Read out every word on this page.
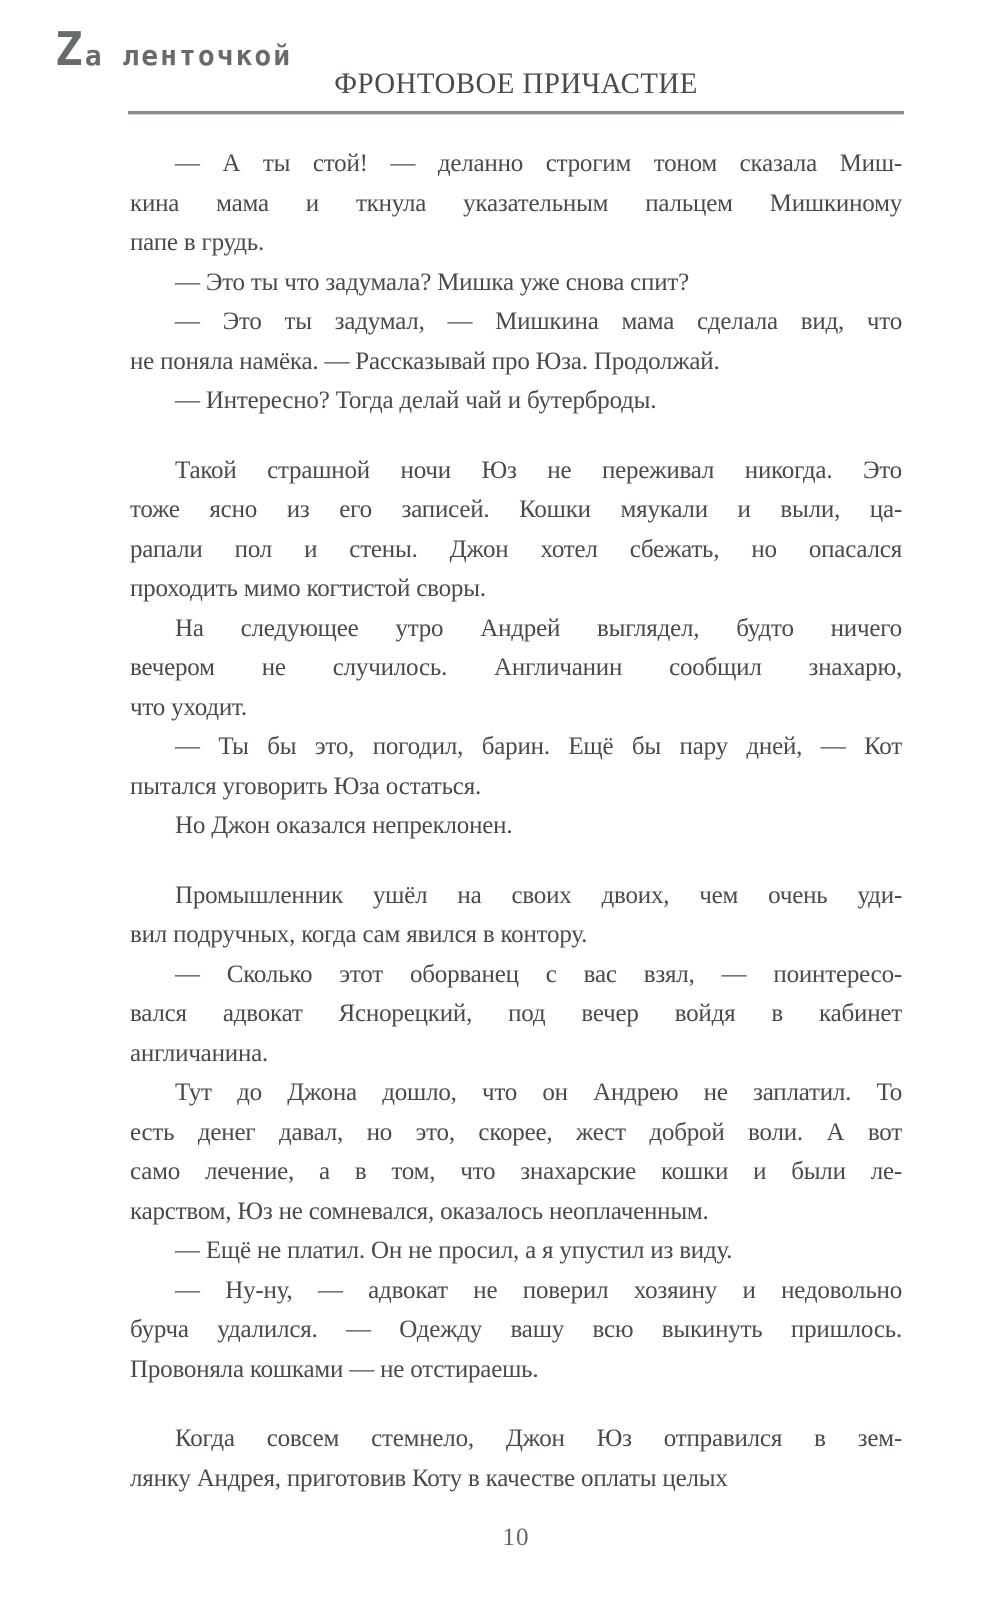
Zа ленточкой
ФРОНТОВОЕ ПРИЧАСТИЕ
— А ты стой! — деланно строгим тоном сказала Миш-
кина мама и ткнула указательным пальцем Мишкиному
папе в грудь.
— Это ты что задумала? Мишка уже снова спит?
— Это ты задумал, — Мишкина мама сделала вид, что
не поняла намёка. — Рассказывай про Юза. Продолжай.
— Интересно? Тогда делай чай и бутерброды.
Такой страшной ночи Юз не переживал никогда. Это
тоже ясно из его записей. Кошки мяукали и выли, ца-
рапали пол и стены. Джон хотел сбежать, но опасался
проходить мимо когтистой своры.
На следующее утро Андрей выглядел, будто ничего
вечером не случилось. Англичанин сообщил знахарю,
что уходит.
— Ты бы это, погодил, барин. Ещё бы пару дней, — Кот
пытался уговорить Юза остаться.
Но Джон оказался непреклонен.
Промышленник ушёл на своих двоих, чем очень уди-
вил подручных, когда сам явился в контору.
— Сколько этот оборванец с вас взял, — поинтересо-
вался адвокат Яснорецкий, под вечер войдя в кабинет
англичанина.
Тут до Джона дошло, что он Андрею не заплатил. То
есть денег давал, но это, скорее, жест доброй воли. А вот
само лечение, а в том, что знахарские кошки и были ле-
карством, Юз не сомневался, оказалось неоплаченным.
— Ещё не платил. Он не просил, а я упустил из виду.
— Ну-ну, — адвокат не поверил хозяину и недовольно
бурча удалился. — Одежду вашу всю выкинуть пришлось.
Провоняла кошками — не отстираешь.
Когда совсем стемнело, Джон Юз отправился в зем-
лянку Андрея, приготовив Коту в качестве оплаты целых
10
